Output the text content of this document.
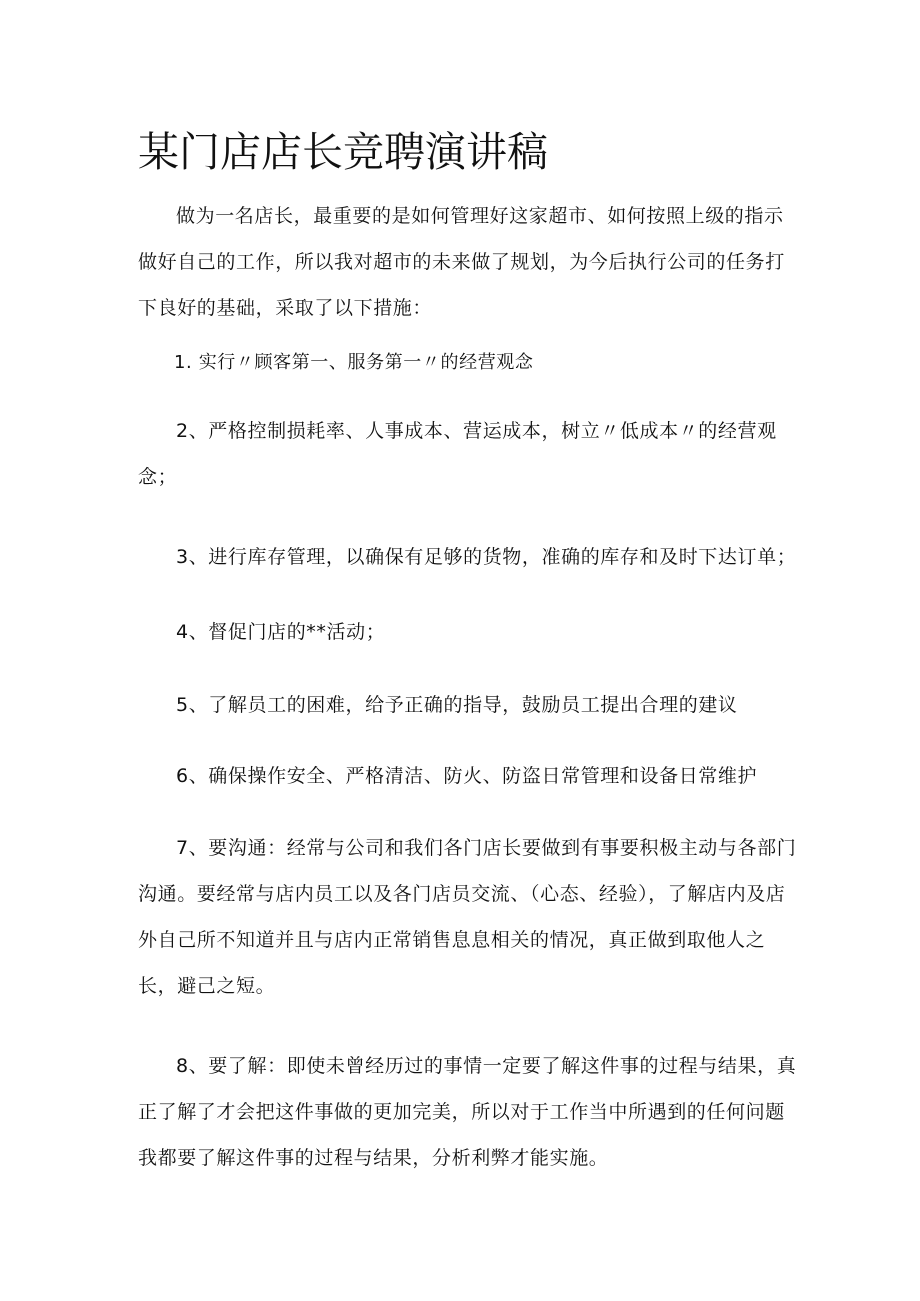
某门店店长竞聘演讲稿

做为一名店长，最重要的是如何管理好这家超市、如何按照上级的指示做好自己的工作，所以我对超市的未来做了规划，为今后执行公司的任务打下良好的基础，采取了以下措施：

1. 实行〃顾客第一、服务第一〃的经营观念

2、严格控制损耗率、人事成本、营运成本，树立〃低成本〃的经营观念；

3、进行库存管理，以确保有足够的货物，准确的库存和及时下达订单；

4、督促门店的**活动；

5、了解员工的困难，给予正确的指导，鼓励员工提出合理的建议

6、确保操作安全、严格清洁、防火、防盗日常管理和设备日常维护

7、要沟通：经常与公司和我们各门店长要做到有事要积极主动与各部门沟通。要经常与店内员工以及各门店员交流、（心态、经验），了解店内及店外自己所不知道并且与店内正常销售息息相关的情况，真正做到取他人之长，避己之短。

8、要了解：即使未曾经历过的事情一定要了解这件事的过程与结果，真正了解了才会把这件事做的更加完美，所以对于工作当中所遇到的任何问题我都要了解这件事的过程与结果，分析利弊才能实施。
